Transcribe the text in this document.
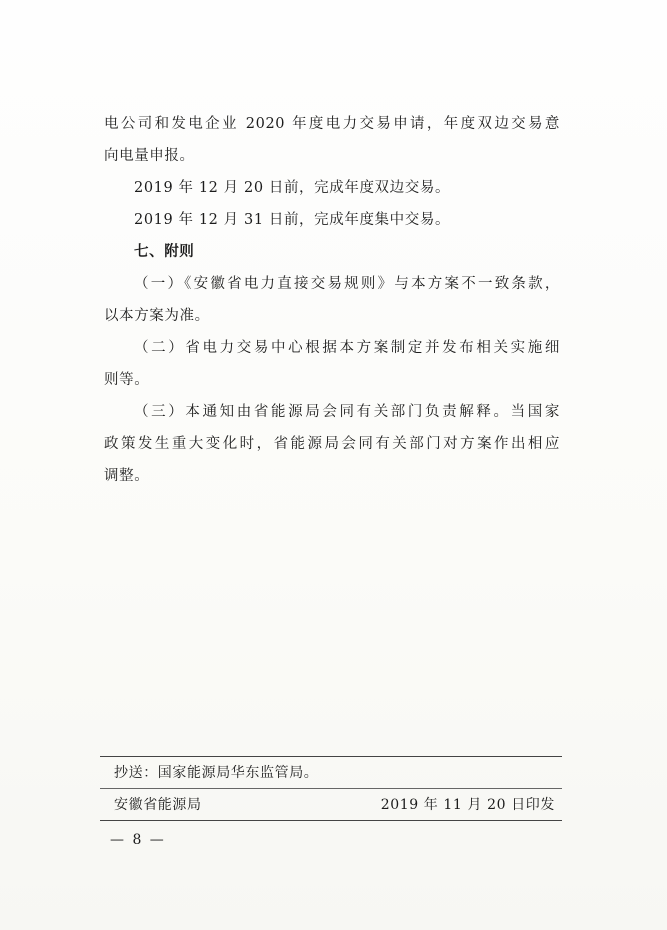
电公司和发电企业 2020 年度电力交易申请，年度双边交易意

向电量申报。

2019 年 12 月 20 日前，完成年度双边交易。

2019 年 12 月 31 日前，完成年度集中交易。

七、附则

（一）《安徽省电力直接交易规则》与本方案不一致条款，

以本方案为准。

（二）省电力交易中心根据本方案制定并发布相关实施细

则等。

（三）本通知由省能源局会同有关部门负责解释。当国家

政策发生重大变化时，省能源局会同有关部门对方案作出相应

调整。

抄送：国家能源局华东监管局。
安徽省能源局	2019 年 11 月 20 日印发
— 8 —
